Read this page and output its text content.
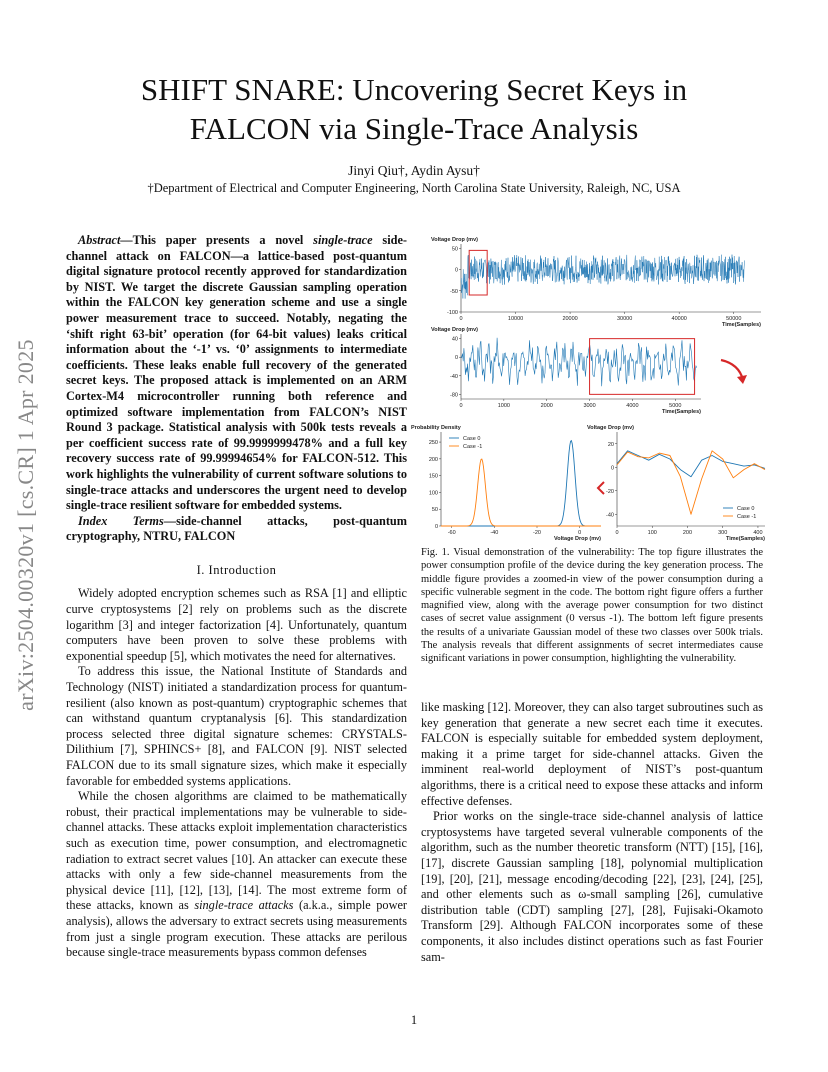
SHIFT SNARE: Uncovering Secret Keys in
FALCON via Single-Trace Analysis
Jinyi Qiu†, Aydin Aysu†
†Department of Electrical and Computer Engineering, North Carolina State University, Raleigh, NC, USA
arXiv:2504.00320v1 [cs.CR] 1 Apr 2025

Abstract—This paper presents a novel single-trace side-channel attack on FALCON—a lattice-based post-quantum digital signature protocol recently approved for standardization by NIST. We target the discrete Gaussian sampling operation within the FALCON key generation scheme and use a single power measurement trace to succeed. Notably, negating the ‘shift right 63-bit’ operation (for 64-bit values) leaks critical information about the ‘-1’ vs. ‘0’ assignments to intermediate coefficients. These leaks enable full recovery of the generated secret keys. The proposed attack is implemented on an ARM Cortex-M4 microcontroller running both reference and optimized software implementation from FALCON’s NIST Round 3 package. Statistical analysis with 500k tests reveals a per coefficient success rate of 99.9999999478% and a full key recovery success rate of 99.99994654% for FALCON-512. This work highlights the vulnerability of current software solutions to single-trace attacks and underscores the urgent need to develop single-trace resilient software for embedded systems.

Index Terms—side-channel attacks, post-quantum cryptography, NTRU, FALCON

I. Introduction

Widely adopted encryption schemes such as RSA [1] and elliptic curve cryptosystems [2] rely on problems such as the discrete logarithm [3] and integer factorization [4]. Unfortunately, quantum computers have been proven to solve these problems with exponential speedup [5], which motivates the need for alternatives.

To address this issue, the National Institute of Standards and Technology (NIST) initiated a standardization process for quantum-resilient (also known as post-quantum) cryptographic schemes that can withstand quantum cryptanalysis [6]. This standardization process selected three digital signature schemes: CRYSTALS-Dilithium [7], SPHINCS+ [8], and FALCON [9]. NIST selected FALCON due to its small signature sizes, which make it especially favorable for embedded systems applications.

While the chosen algorithms are claimed to be mathematically robust, their practical implementations may be vulnerable to side-channel attacks. These attacks exploit implementation characteristics such as execution time, power consumption, and electromagnetic radiation to extract secret values [10]. An attacker can execute these attacks with only a few side-channel measurements from the physical device [11], [12], [13], [14]. The most extreme form of these attacks, known as single-trace attacks (a.k.a., simple power analysis), allows the adversary to extract secrets using measurements from just a single program execution. These attacks are perilous because single-trace measurements bypass common defenses

0	10000	20000	30000	40000	50000
50
0
-50
-100
Voltage Drop (mv)
Time(Samples)
0	1000	2000	3000	4000	5000
40
0
-40
-80
Voltage Drop (mv)
Time(Samples)
-60	-40	-20	0
0
50
100
150
200
250
Probability Density
Voltage Drop (mv)
Case 0
Case -1
0	100	200	300	400
20
0
-20
-40
Voltage Drop (mv)
Time(Samples)
Case 0
Case -1
Fig. 1. Visual demonstration of the vulnerability: The top figure illustrates the power consumption profile of the device during the key generation process. The middle figure provides a zoomed-in view of the power consumption during a specific vulnerable segment in the code. The bottom right figure offers a further magnified view, along with the average power consumption for two distinct cases of secret value assignment (0 versus -1). The bottom left figure presents the results of a univariate Gaussian model of these two classes over 500k trials. The analysis reveals that different assignments of secret intermediates cause significant variations in power consumption, highlighting the vulnerability.

like masking [12]. Moreover, they can also target subroutines such as key generation that generate a new secret each time it executes. FALCON is especially suitable for embedded system deployment, making it a prime target for side-channel attacks. Given the imminent real-world deployment of NIST’s post-quantum algorithms, there is a critical need to expose these attacks and inform effective defenses.

Prior works on the single-trace side-channel analysis of lattice cryptosystems have targeted several vulnerable components of the algorithm, such as the number theoretic transform (NTT) [15], [16], [17], discrete Gaussian sampling [18], polynomial multiplication [19], [20], [21], message encoding/decoding [22], [23], [24], [25], and other elements such as ω-small sampling [26], cumulative distribution table (CDT) sampling [27], [28], Fujisaki-Okamoto Transform [29]. Although FALCON incorporates some of these components, it also includes distinct operations such as fast Fourier sam-

1
